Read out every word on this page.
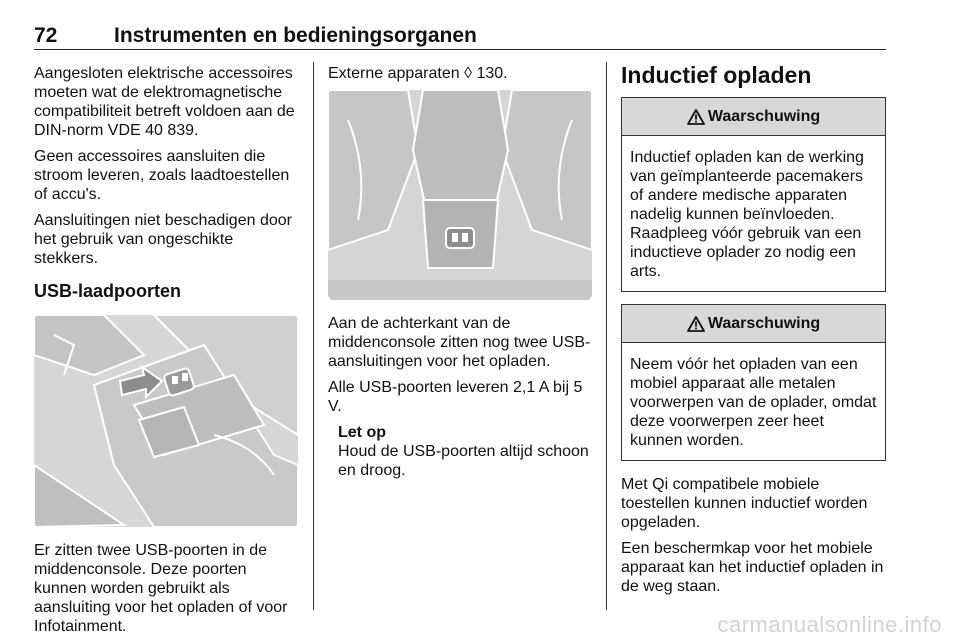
72	Instrumenten en bedieningsorganen

Aangesloten elektrische accessoires moeten wat de elektromagnetische compatibiliteit betreft voldoen aan de DIN-norm VDE 40 839.

Geen accessoires aansluiten die stroom leveren, zoals laadtoestellen of accu's.

Aansluitingen niet beschadigen door het gebruik van ongeschikte stekkers.

USB-laadpoorten

Er zitten twee USB-poorten in de middenconsole. Deze poorten kunnen worden gebruikt als aansluiting voor het opladen of voor Infotainment.

Externe apparaten ◊ 130.

Aan de achterkant van de middenconsole zitten nog twee USB-aansluitingen voor het opladen.

Alle USB-poorten leveren 2,1 A bij 5 V.

Let op
Houd de USB-poorten altijd schoon en droog.
Inductief opladen
Waarschuwing
Inductief opladen kan de werking van geïmplanteerde pacemakers of andere medische apparaten nadelig kunnen beïnvloeden. Raadpleeg vóór gebruik van een inductieve oplader zo nodig een arts.
Waarschuwing
Neem vóór het opladen van een mobiel apparaat alle metalen voorwerpen van de oplader, omdat deze voorwerpen zeer heet kunnen worden.

Met Qi compatibele mobiele toestellen kunnen inductief worden opgeladen.

Een beschermkap voor het mobiele apparaat kan het inductief opladen in de weg staan.

carmanualsonline.info
